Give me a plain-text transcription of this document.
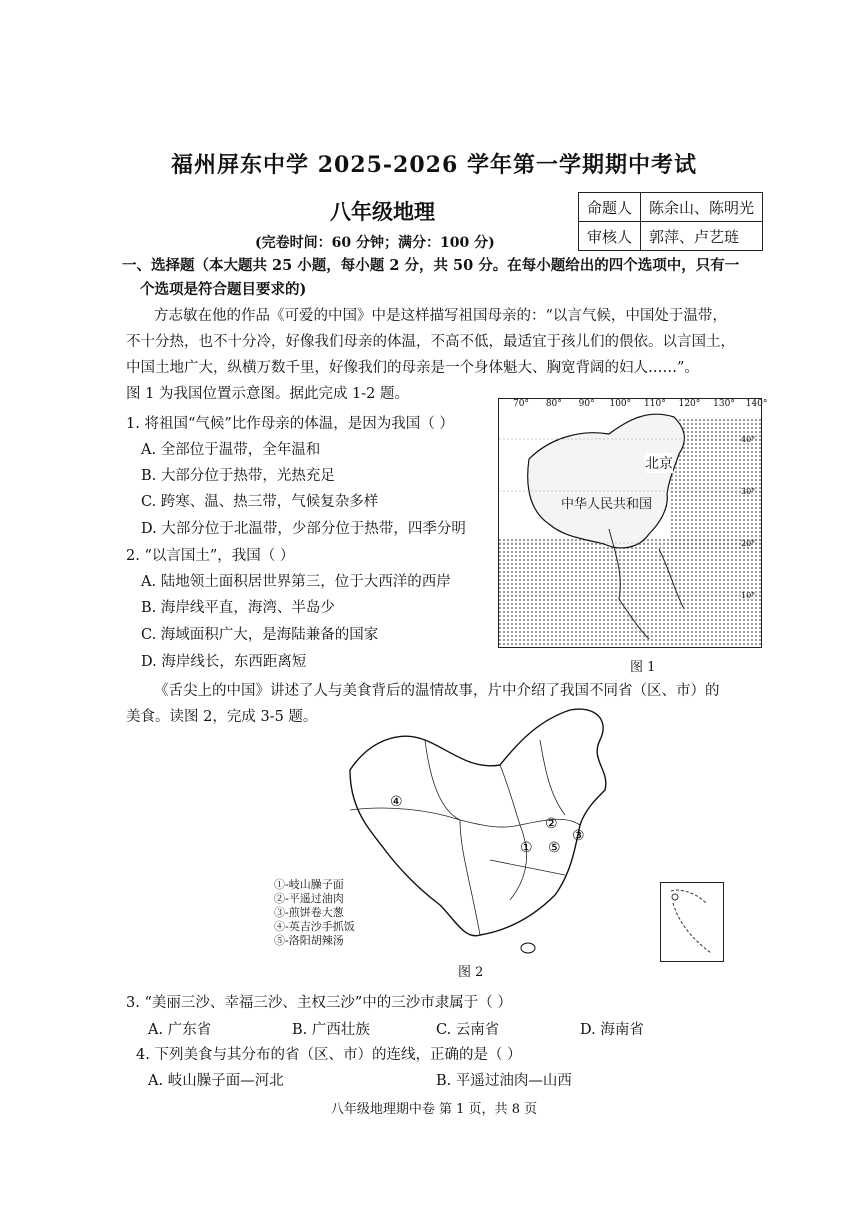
福州屏东中学 2025-2026 学年第一学期期中考试
八年级地理
(完卷时间：60 分钟；满分：100 分)
命题人	陈余山、陈明光
审核人	郭萍、卢艺琏
一、选择题（本大题共 25 小题，每小题 2 分，共 50 分。在每小题给出的四个选项中，只有一
个选项是符合题目要求的)
方志敏在他的作品《可爱的中国》中是这样描写祖国母亲的：“以言气候，中国处于温带，
不十分热，也不十分冷，好像我们母亲的体温，不高不低，最适宜于孩儿们的偎依。以言国土，
中国土地广大，纵横万数千里，好像我们的母亲是一个身体魁大、胸宽背阔的妇人……”。
图 1 为我国位置示意图。据此完成 1-2 题。
1. 将祖国“气候”比作母亲的体温，是因为我国（ ）
A. 全部位于温带，全年温和
B. 大部分位于热带，光热充足
C. 跨寒、温、热三带，气候复杂多样
D. 大部分位于北温带，少部分位于热带，四季分明
2. “以言国土”，我国（ ）
A. 陆地领土面积居世界第三，位于大西洋的西岸
B. 海岸线平直，海湾、半岛少
C. 海域面积广大，是海陆兼备的国家
D. 海岸线长，东西距离短
70° 80° 90° 100° 110° 120° 130° 140°
40°
30°
20°
10°
北京
中华人民共和国
图 1
《舌尖上的中国》讲述了人与美食背后的温情故事，片中介绍了我国不同省（区、市）的
美食。读图 2，完成 3-5 题。
④
②
③
① ⑤
①-岐山臊子面
②-平遥过油肉
③-煎饼卷大葱
④-英吉沙手抓饭
⑤-洛阳胡辣汤
图 2
3. “美丽三沙、幸福三沙、主权三沙”中的三沙市隶属于（ ）
A. 广东省	B. 广西壮族	C. 云南省	D. 海南省
4. 下列美食与其分布的省（区、市）的连线，正确的是（ ）
A. 岐山臊子面—河北	B. 平遥过油肉—山西
八年级地理期中卷 第 1 页，共 8 页
